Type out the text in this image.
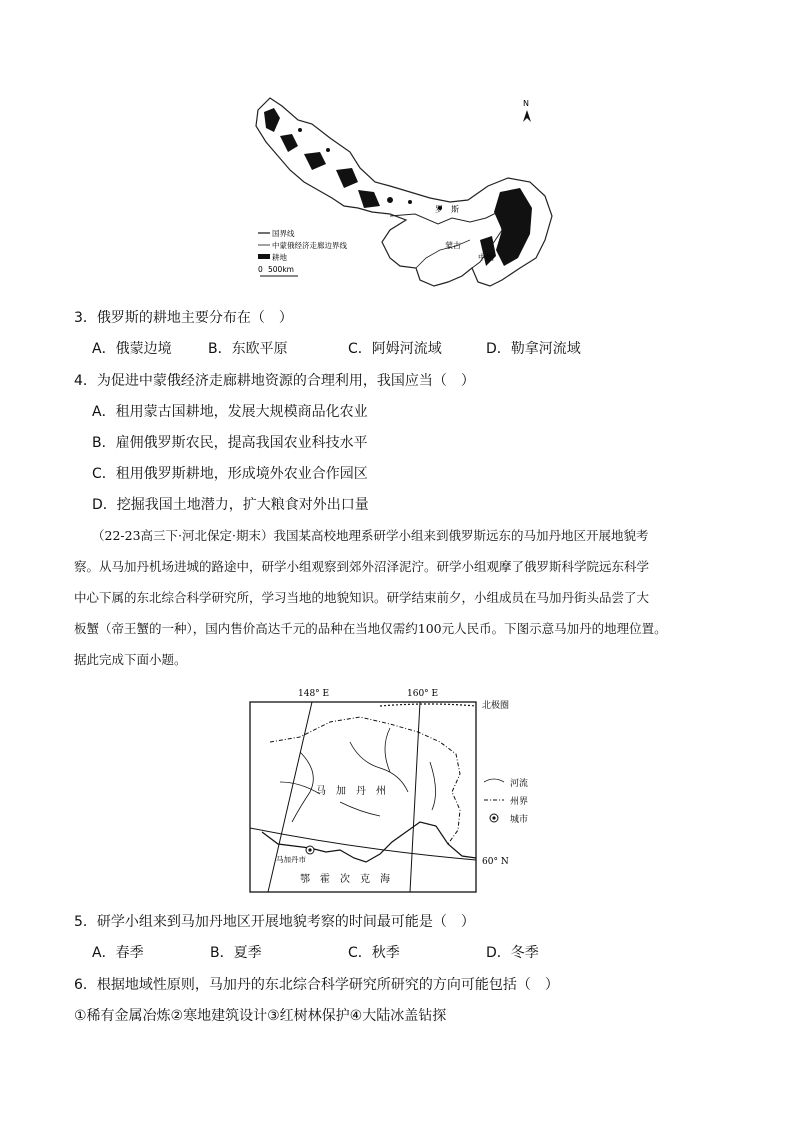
N
国界线
中蒙俄经济走廊边界线
耕地
0 500km
罗　斯
蒙古
中国
3．俄罗斯的耕地主要分布在（　）
A．俄蒙边境	B．东欧平原	C．阿姆河流域	D．勒拿河流域
4．为促进中蒙俄经济走廊耕地资源的合理利用，我国应当（　）
A．租用蒙古国耕地，发展大规模商品化农业
B．雇佣俄罗斯农民，提高我国农业科技水平
C．租用俄罗斯耕地，形成境外农业合作园区
D．挖掘我国土地潜力，扩大粮食对外出口量
（22-23高三下·河北保定·期末）我国某高校地理系研学小组来到俄罗斯远东的马加丹地区开展地貌考
察。从马加丹机场进城的路途中，研学小组观察到郊外沼泽泥泞。研学小组观摩了俄罗斯科学院远东科学
中心下属的东北综合科学研究所，学习当地的地貌知识。研学结束前夕，小组成员在马加丹街头品尝了大
板蟹（帝王蟹的一种），国内售价高达千元的品种在当地仅需约100元人民币。下图示意马加丹的地理位置。
据此完成下面小题。
148° E	160° E
北极圈
60° N
马　加　丹　州
马加丹市
鄂　霍　次　克　海
河流
州界
城市
5．研学小组来到马加丹地区开展地貌考察的时间最可能是（　）
A．春季	B．夏季	C．秋季	D．冬季
6．根据地域性原则，马加丹的东北综合科学研究所研究的方向可能包括（　）
①稀有金属冶炼②寒地建筑设计③红树林保护④大陆冰盖钻探
